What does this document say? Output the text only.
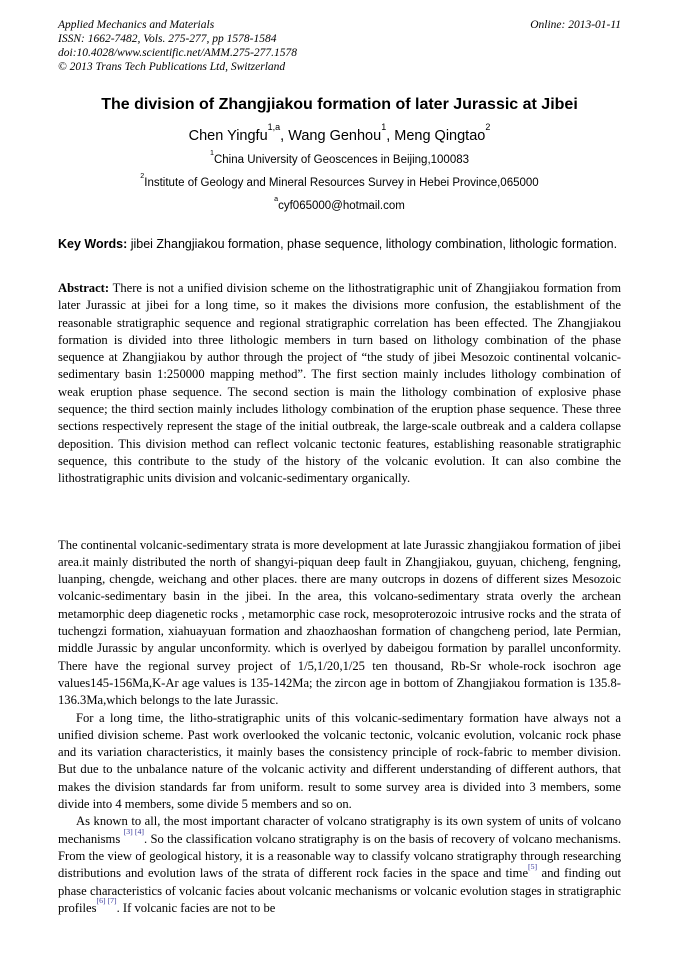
Applied Mechanics and Materials
ISSN: 1662-7482, Vols. 275-277, pp 1578-1584
doi:10.4028/www.scientific.net/AMM.275-277.1578
© 2013 Trans Tech Publications Ltd, Switzerland
Online: 2013-01-11
The division of Zhangjiakou formation of later Jurassic at Jibei
Chen Yingfu$^{1,a}$, Wang Genhou$^1$, Meng Qingtao$^2$
$^1$China University of Geoscences in Beijing,100083
$^2$Institute of Geology and Mineral Resources Survey in Hebei Province,065000
$^a$cyf065000@hotmail.com
Key Words: jibei Zhangjiakou formation, phase sequence, lithology combination, lithologic formation.
Abstract: There is not a unified division scheme on the lithostratigraphic unit of Zhangjiakou formation from later Jurassic at jibei for a long time, so it makes the divisions more confusion, the establishment of the reasonable stratigraphic sequence and regional stratigraphic correlation has been effected. The Zhangjiakou formation is divided into three lithologic members in turn based on lithology combination of the phase sequence at Zhangjiakou by author through the project of “the study of jibei Mesozoic continental volcanic-sedimentary basin 1:250000 mapping method”. The first section mainly includes lithology combination of weak eruption phase sequence. The second section is main the lithology combination of explosive phase sequence; the third section mainly includes lithology combination of the eruption phase sequence. These three sections respectively represent the stage of the initial outbreak, the large-scale outbreak and a caldera collapse deposition. This division method can reflect volcanic tectonic features, establishing reasonable stratigraphic sequence, this contribute to the study of the history of the volcanic evolution. It can also combine the lithostratigraphic units division and volcanic-sedimentary organically.

The continental volcanic-sedimentary strata is more development at late Jurassic zhangjiakou formation of jibei area.it mainly distributed the north of shangyi-piquan deep fault in Zhangjiakou, guyuan, chicheng, fengning, luanping, chengde, weichang and other places. there are many outcrops in dozens of different sizes Mesozoic volcanic-sedimentary basin in the jibei. In the area, this volcano-sedimentary strata overly the archean metamorphic deep diagenetic rocks , metamorphic case rock, mesoproterozoic intrusive rocks and the strata of tuchengzi formation, xiahuayuan formation and zhaozhaoshan formation of changcheng period, late Permian, middle Jurassic by angular unconformity. which is overlyed by dabeigou formation by parallel unconformity. There have the regional survey project of 1/5,1/20,1/25 ten thousand, Rb-Sr whole-rock isochron age values145-156Ma,K-Ar age values is 135-142Ma; the zircon age in bottom of Zhangjiakou formation is 135.8-136.3Ma,which belongs to the late Jurassic.

For a long time, the litho-stratigraphic units of this volcanic-sedimentary formation have always not a unified division scheme. Past work overlooked the volcanic tectonic, volcanic evolution, volcanic rock phase and its variation characteristics, it mainly bases the consistency principle of rock-fabric to member division. But due to the unbalance nature of the volcanic activity and different understanding of different authors, that makes the division standards far from uniform. result to some survey area is divided into 3 members, some divide into 4 members, some divide 5 members and so on.

As known to all, the most important character of volcano stratigraphy is its own system of units of volcano mechanisms [3] [4]. So the classification volcano stratigraphy is on the basis of recovery of volcano mechanisms. From the view of geological history, it is a reasonable way to classify volcano stratigraphy through researching distributions and evolution laws of the strata of different rock facies in the space and time[5] and finding out phase characteristics of volcanic facies about volcanic mechanisms or volcanic evolution stages in stratigraphic profiles[6] [7]. If volcanic facies are not to be
